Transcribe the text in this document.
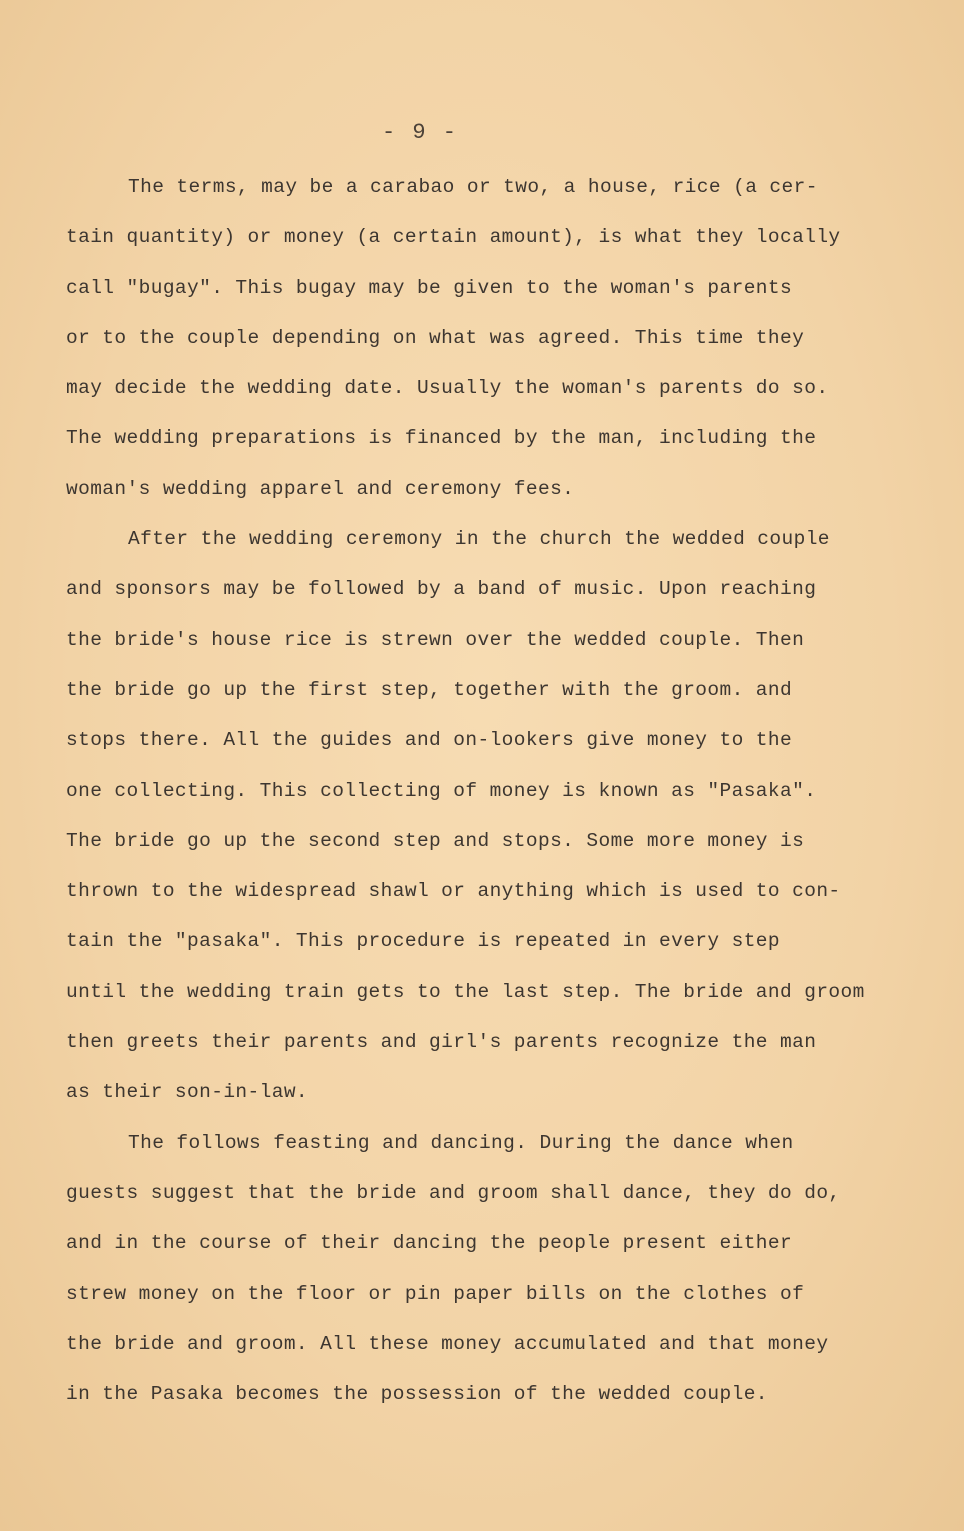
- 9 -
The terms, may be a carabao or two, a house, rice (a cer-
tain quantity) or money (a certain amount), is what they locally
call "bugay". This bugay may be given to the woman's parents
or to the couple depending on what was agreed. This time they
may decide the wedding date. Usually the woman's parents do so.
The wedding preparations is financed by the man, including the
woman's wedding apparel and ceremony fees.
After the wedding ceremony in the church the wedded couple
and sponsors may be followed by a band of music. Upon reaching
the bride's house rice is strewn over the wedded couple. Then
the bride go up the first step, together with the groom. and
stops there. All the guides and on-lookers give money to the
one collecting. This collecting of money is known as "Pasaka".
The bride go up the second step and stops. Some more money is
thrown to the widespread shawl or anything which is used to con-
tain the "pasaka". This procedure is repeated in every step
until the wedding train gets to the last step. The bride and groom
then greets their parents and girl's parents recognize the man
as their son-in-law.
The follows feasting and dancing. During the dance when
guests suggest that the bride and groom shall dance, they do do,
and in the course of their dancing the people present either
strew money on the floor or pin paper bills on the clothes of
the bride and groom. All these money accumulated and that money
in the Pasaka becomes the possession of the wedded couple.
